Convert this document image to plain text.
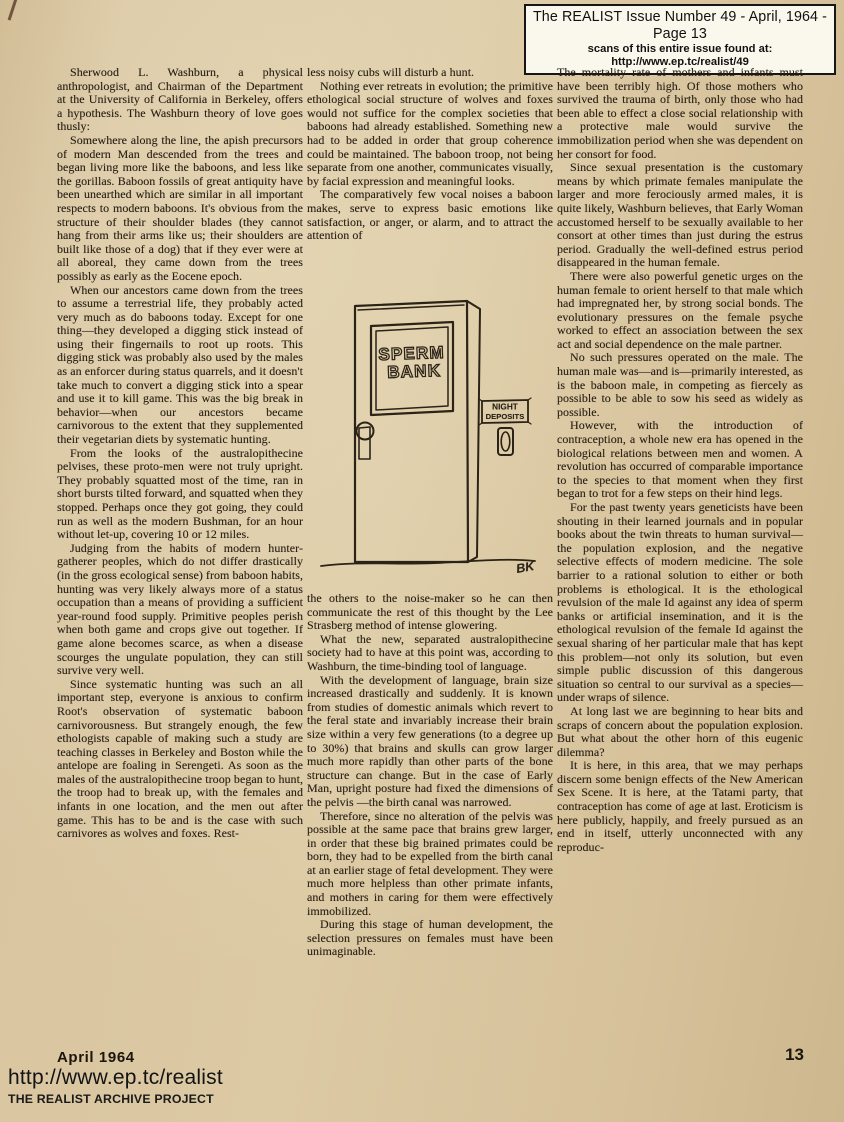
The REALIST Issue Number 49 - April, 1964 - Page 13
scans of this entire issue found at: http://www.ep.tc/realist/49

Sherwood L. Washburn, a physical anthropologist, and Chairman of the Department at the University of California in Berkeley, offers a hypothesis. The Washburn theory of love goes thusly:

Somewhere along the line, the apish precursors of modern Man descended from the trees and began living more like the baboons, and less like the gorillas. Baboon fossils of great antiquity have been unearthed which are similar in all important respects to modern baboons. It's obvious from the structure of their shoulder blades (they cannot hang from their arms like us; their shoulders are built like those of a dog) that if they ever were at all aboreal, they came down from the trees possibly as early as the Eocene epoch.

When our ancestors came down from the trees to assume a terrestrial life, they probably acted very much as do baboons today. Except for one thing—they developed a digging stick instead of using their fingernails to root up roots. This digging stick was probably also used by the males as an enforcer during status quarrels, and it doesn't take much to convert a digging stick into a spear and use it to kill game. This was the big break in behavior—when our ancestors became carnivorous to the extent that they supplemented their vegetarian diets by systematic hunting.

From the looks of the australopithecine pelvises, these proto-men were not truly upright. They probably squatted most of the time, ran in short bursts tilted forward, and squatted when they stopped. Perhaps once they got going, they could run as well as the modern Bushman, for an hour without let-up, covering 10 or 12 miles.

Judging from the habits of modern hunter-gatherer peoples, which do not differ drastically (in the gross ecological sense) from baboon habits, hunting was very likely always more of a status occupation than a means of providing a sufficient year-round food supply. Primitive peoples perish when both game and crops give out together. If game alone becomes scarce, as when a disease scourges the ungulate population, they can still survive very well.

Since systematic hunting was such an all important step, everyone is anxious to confirm Root's observation of systematic baboon carnivorousness. But strangely enough, the few ethologists capable of making such a study are teaching classes in Berkeley and Boston while the antelope are foaling in Serengeti. As soon as the males of the australopithecine troop began to hunt, the troop had to break up, with the females and infants in one location, and the men out after game. This has to be and is the case with such carnivores as wolves and foxes. Rest-

less noisy cubs will disturb a hunt.

Nothing ever retreats in evolution; the primitive ethological social structure of wolves and foxes would not suffice for the complex societies that baboons had already established. Something new had to be added in order that group coherence could be maintained. The baboon troop, not being separate from one another, communicates visually, by facial expression and meaningful looks.

The comparatively few vocal noises a baboon makes, serve to express basic emotions like satisfaction, or anger, or alarm, and to attract the attention of

SPERM
BANK
NIGHT
DEPOSITS
BK

the others to the noise-maker so he can then communicate the rest of this thought by the Lee Strasberg method of intense glowering.

What the new, separated australopithecine society had to have at this point was, according to Washburn, the time-binding tool of language.

With the development of language, brain size increased drastically and suddenly. It is known from studies of domestic animals which revert to the feral state and invariably increase their brain size within a very few generations (to a degree up to 30%) that brains and skulls can grow larger much more rapidly than other parts of the bone structure can change. But in the case of Early Man, upright posture had fixed the dimensions of the pelvis —the birth canal was narrowed.

Therefore, since no alteration of the pelvis was possible at the same pace that brains grew larger, in order that these big brained primates could be born, they had to be expelled from the birth canal at an earlier stage of fetal development. They were much more helpless than other primate infants, and mothers in caring for them were effectively immobilized.

During this stage of human development, the selection pressures on females must have been unimaginable.

The mortality rate of mothers and infants must have been terribly high. Of those mothers who survived the trauma of birth, only those who had been able to effect a close social relationship with a protective male would survive the immobilization period when she was dependent on her consort for food.

Since sexual presentation is the customary means by which primate females manipulate the larger and more ferociously armed males, it is quite likely, Washburn believes, that Early Woman accustomed herself to be sexually available to her consort at other times than just during the estrus period. Gradually the well-defined estrus period disappeared in the human female.

There were also powerful genetic urges on the human female to orient herself to that male which had impregnated her, by strong social bonds. The evolutionary pressures on the female psyche worked to effect an association between the sex act and social dependence on the male partner.

No such pressures operated on the male. The human male was—and is—primarily interested, as is the baboon male, in competing as fiercely as possible to be able to sow his seed as widely as possible.

However, with the introduction of contraception, a whole new era has opened in the biological relations between men and women. A revolution has occurred of comparable importance to the species to that moment when they first began to trot for a few steps on their hind legs.

For the past twenty years geneticists have been shouting in their learned journals and in popular books about the twin threats to human survival—the population explosion, and the negative selective effects of modern medicine. The sole barrier to a rational solution to either or both problems is ethological. It is the ethological revulsion of the male Id against any idea of sperm banks or artificial insemination, and it is the ethological revulsion of the female Id against the sexual sharing of her particular male that has kept this problem—not only its solution, but even simple public discussion of this dangerous situation so central to our survival as a species—under wraps of silence.

At long last we are beginning to hear bits and scraps of concern about the population explosion. But what about the other horn of this eugenic dilemma?

It is here, in this area, that we may perhaps discern some benign effects of the New American Sex Scene. It is here, at the Tatami party, that contraception has come of age at last. Eroticism is here publicly, happily, and freely pursued as an end in itself, utterly unconnected with any reproduc-

April 1964	13
http://www.ep.tc/realist
THE REALIST ARCHIVE PROJECT
